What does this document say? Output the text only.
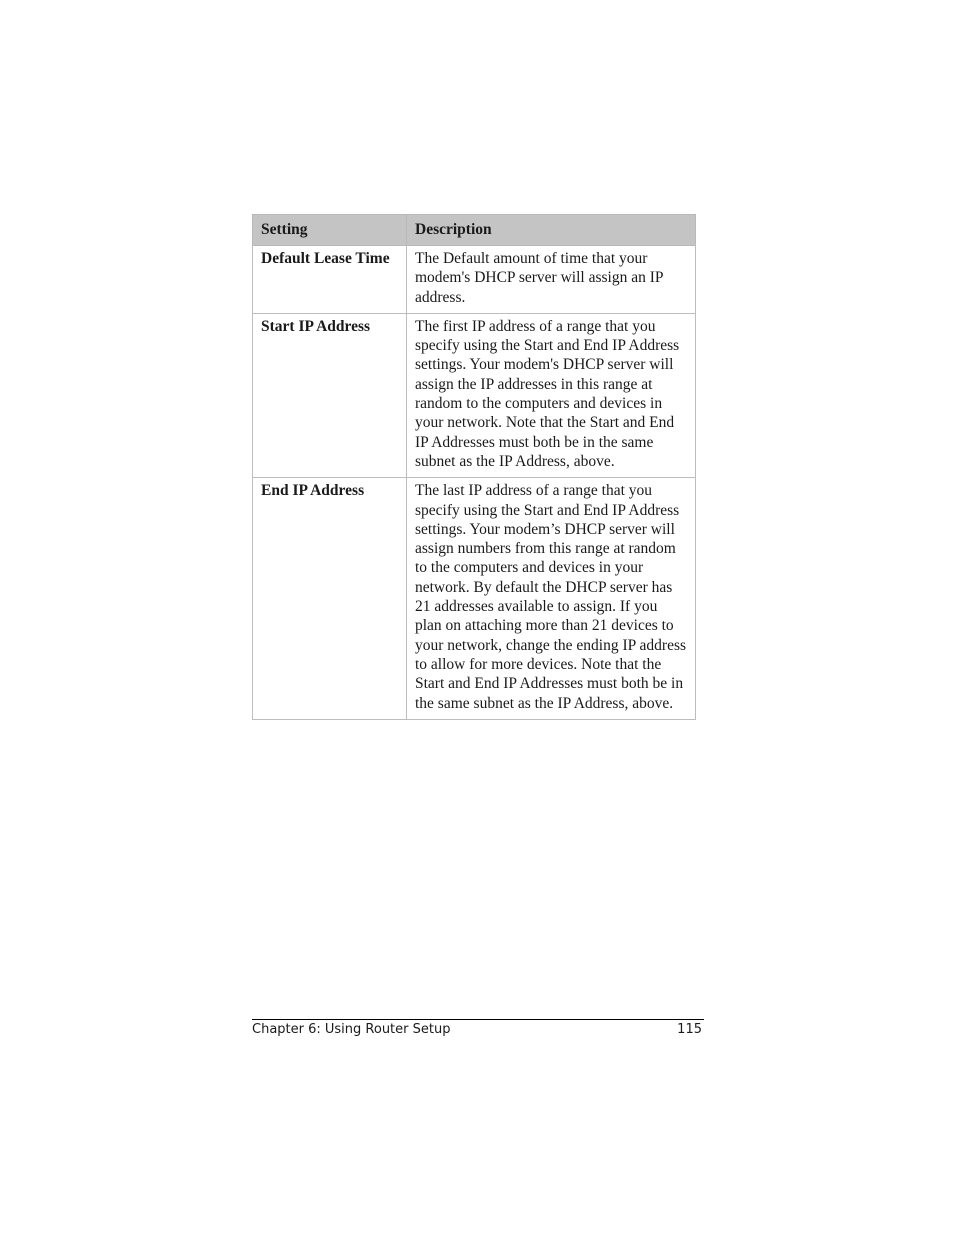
Setting	Description
Default Lease Time	The Default amount of time that your modem's DHCP server will assign an IP address.
Start IP Address	The first IP address of a range that you specify using the Start and End IP Address settings. Your modem's DHCP server will assign the IP addresses in this range at random to the computers and devices in your network. Note that the Start and End IP Addresses must both be in the same subnet as the IP Address, above.
End IP Address	The last IP address of a range that you specify using the Start and End IP Address settings. Your modem’s DHCP server will assign numbers from this range at random to the computers and devices in your network. By default the DHCP server has 21 addresses available to assign. If you plan on attaching more than 21 devices to your network, change the ending IP address to allow for more devices. Note that the Start and End IP Addresses must both be in the same subnet as the IP Address, above.
Chapter 6: Using Router Setup	115
